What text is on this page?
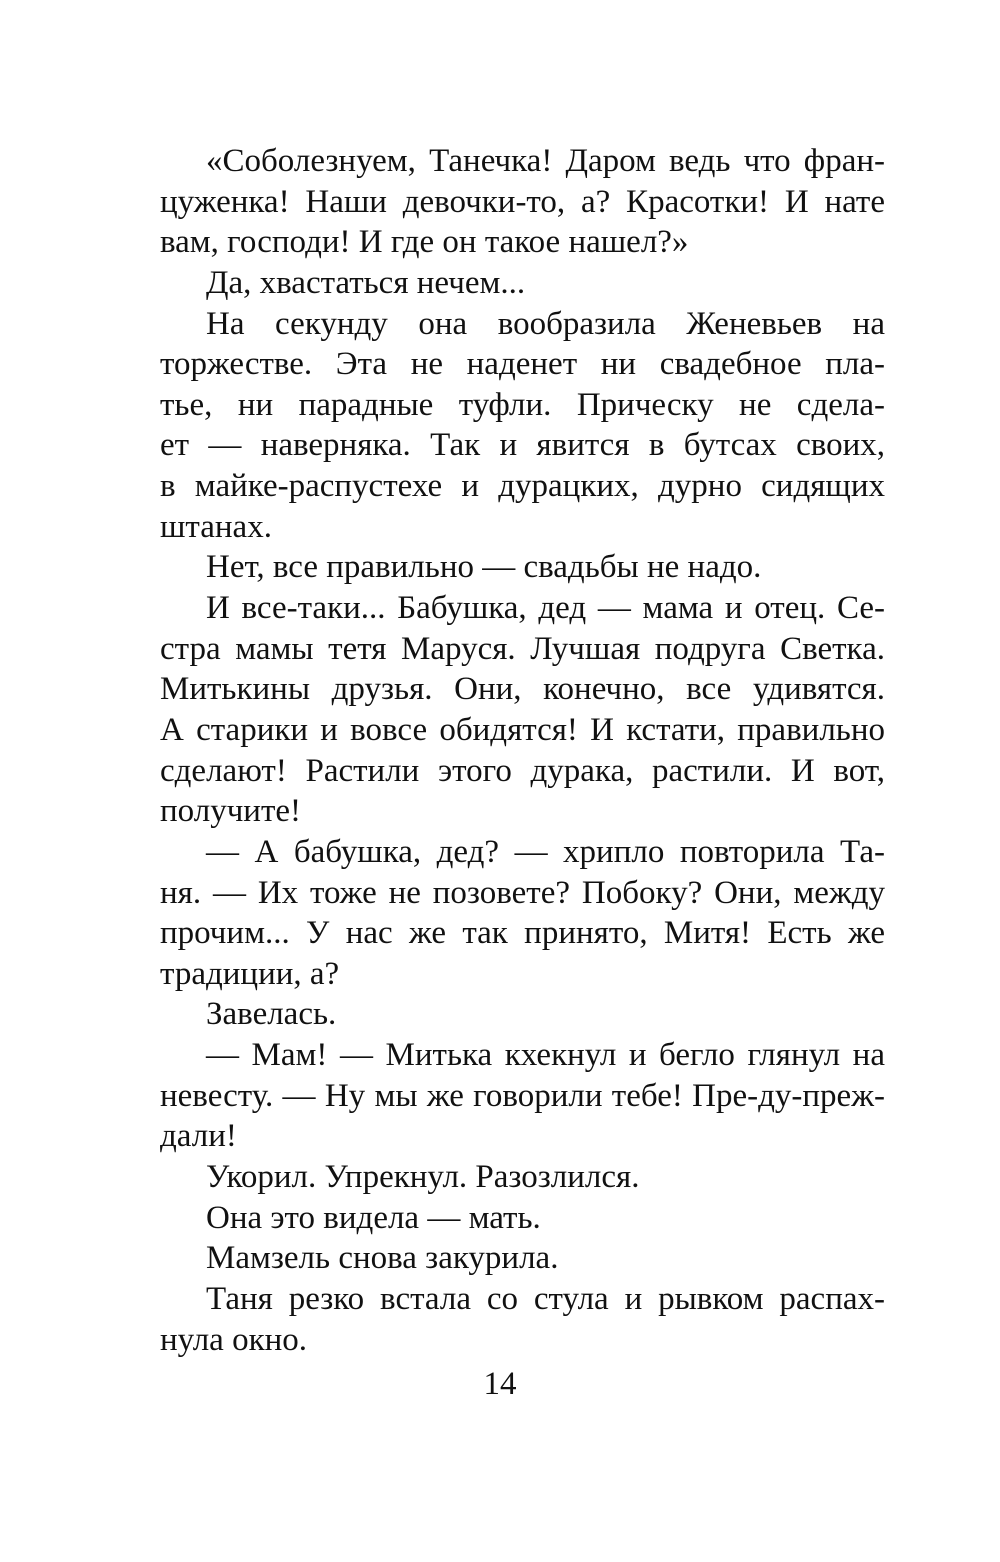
«Соболезнуем, Танечка! Даром ведь что фран-
цуженка! Наши девочки-то, а? Красотки! И нате
вам, господи! И где он такое нашел?»
Да, хвастаться нечем...
На секунду она вообразила Женевьев на
торжестве. Эта не наденет ни свадебное пла-
тье, ни парадные туфли. Прическу не сдела-
ет — наверняка. Так и явится в бутсах своих,
в майке-распустехе и дурацких, дурно сидящих
штанах.
Нет, все правильно — свадьбы не надо.
И все-таки... Бабушка, дед — мама и отец. Се-
стра мамы тетя Маруся. Лучшая подруга Светка.
Митькины друзья. Они, конечно, все удивятся.
А старики и вовсе обидятся! И кстати, правильно
сделают! Растили этого дурака, растили. И вот,
получите!
— А бабушка, дед? — хрипло повторила Та-
ня. — Их тоже не позовете? Побоку? Они, между
прочим... У нас же так принято, Митя! Есть же
традиции, а?
Завелась.
— Мам! — Митька кхекнул и бегло глянул на
невесту. — Ну мы же говорили тебе! Пре-ду-преж-
дали!
Укорил. Упрекнул. Разозлился.
Она это видела — мать.
Мамзель снова закурила.
Таня резко встала со стула и рывком распах-
нула окно.
14
